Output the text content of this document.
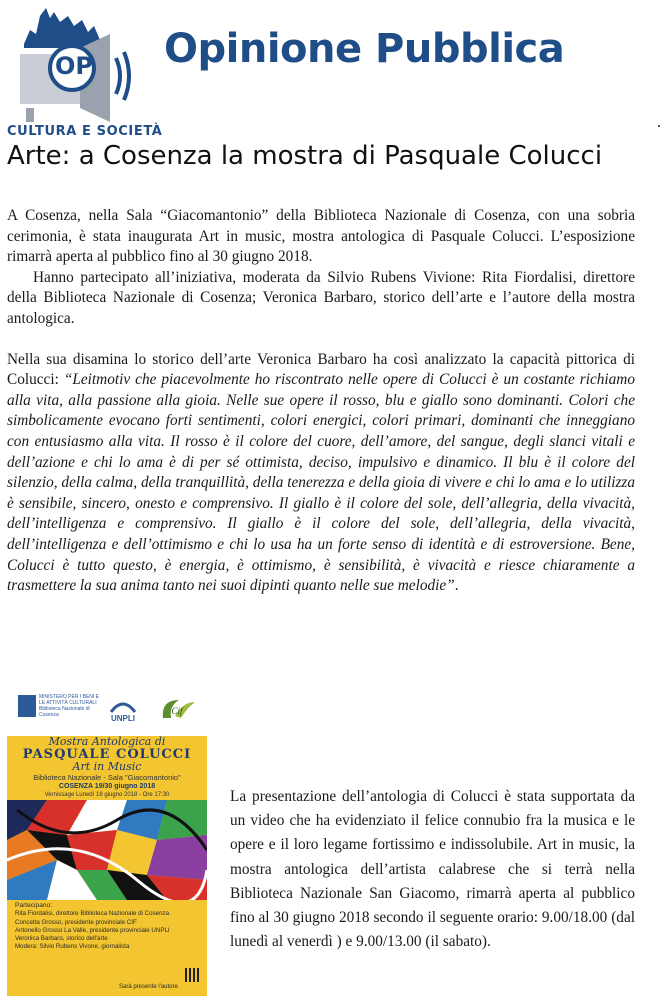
OP Opinione Pubblica
CULTURA E SOCIETÀ
Arte: a Cosenza la mostra di Pasquale Colucci

A Cosenza, nella Sala “Giacomantonio” della Biblioteca Nazionale di Cosenza, con una sobria cerimonia, è stata inaugurata Art in music, mostra antologica di Pasquale Colucci. L’esposizione rimarrà aperta al pubblico fino al 30 giugno 2018.

Hanno partecipato all’iniziativa, moderata da Silvio Rubens Vivione: Rita Fiordalisi, direttore della Biblioteca Nazionale di Cosenza; Veronica Barbaro, storico dell’arte e l’autore della mostra antologica.

Nella sua disamina lo storico dell’arte Veronica Barbaro ha così analizzato la capacità pittorica di Colucci: “Leitmotiv che piacevolmente ho riscontrato nelle opere di Colucci è un costante richiamo alla vita, alla passione alla gioia. Nelle sue opere il rosso, blu e giallo sono dominanti. Colori che simbolicamente evocano forti sentimenti, colori energici, colori primari, dominanti che inneggiano con entusiasmo alla vita. Il rosso è il colore del cuore, dell’amore, del sangue, degli slanci vitali e dell’azione e chi lo ama è di per sé ottimista, deciso, impulsivo e dinamico. Il blu è il colore del silenzio, della calma, della tranquillità, della tenerezza e della gioia di vivere e chi lo ama e lo utilizza è sensibile, sincero, onesto e comprensivo. Il giallo è il colore del sole, dell’allegria, della vivacità, dell’intelligenza e comprensivo. Il giallo è il colore del sole, dell’allegria, della vivacità, dell’intelligenza e dell’ottimismo e chi lo usa ha un forte senso di identità e di estroversione. Bene, Colucci è tutto questo, è energia, è ottimismo, è sensibilità, è vivacità e riesce chiaramente a trasmettere la sua anima tanto nei suoi dipinti quanto nelle sue melodie”.

MINISTERO PER I BENI E LE ATTIVITÀ CULTURALI Biblioteca Nazionale di Cosenza	UNPLI
Cif
Mostra Antologica di
PASQUALE COLUCCI
Art in Music
Biblioteca Nazionale - Sala "Giacomantonio"
COSENZA 19/30 giugno 2018
Vernissage Lunedì 18 giugno 2018 - Ore 17:30
Partecipano:
Rita Fiordalisi, direttore Biblioteca Nazionale di Cosenza
Concetta Grosso, presidente provinciale CIF
Antonello Grosso La Valle, presidente provinciale UNPLI
Veronica Barbaro, storico dell'arte
Modera: Silvio Rubens Vivone, giornalista
Sarà presente l'autore

La presentazione dell’antologia di Colucci è stata supportata da un video che ha evidenziato il felice connubio fra la musica e le opere e il loro legame fortissimo e indissolubile. Art in music, la mostra antologica dell’artista calabrese che si terrà nella Biblioteca Nazionale San Giacomo, rimarrà aperta al pubblico fino al 30 giugno 2018 secondo il seguente orario: 9.00/18.00 (dal lunedì al venerdì ) e 9.00/13.00 (il sabato).
